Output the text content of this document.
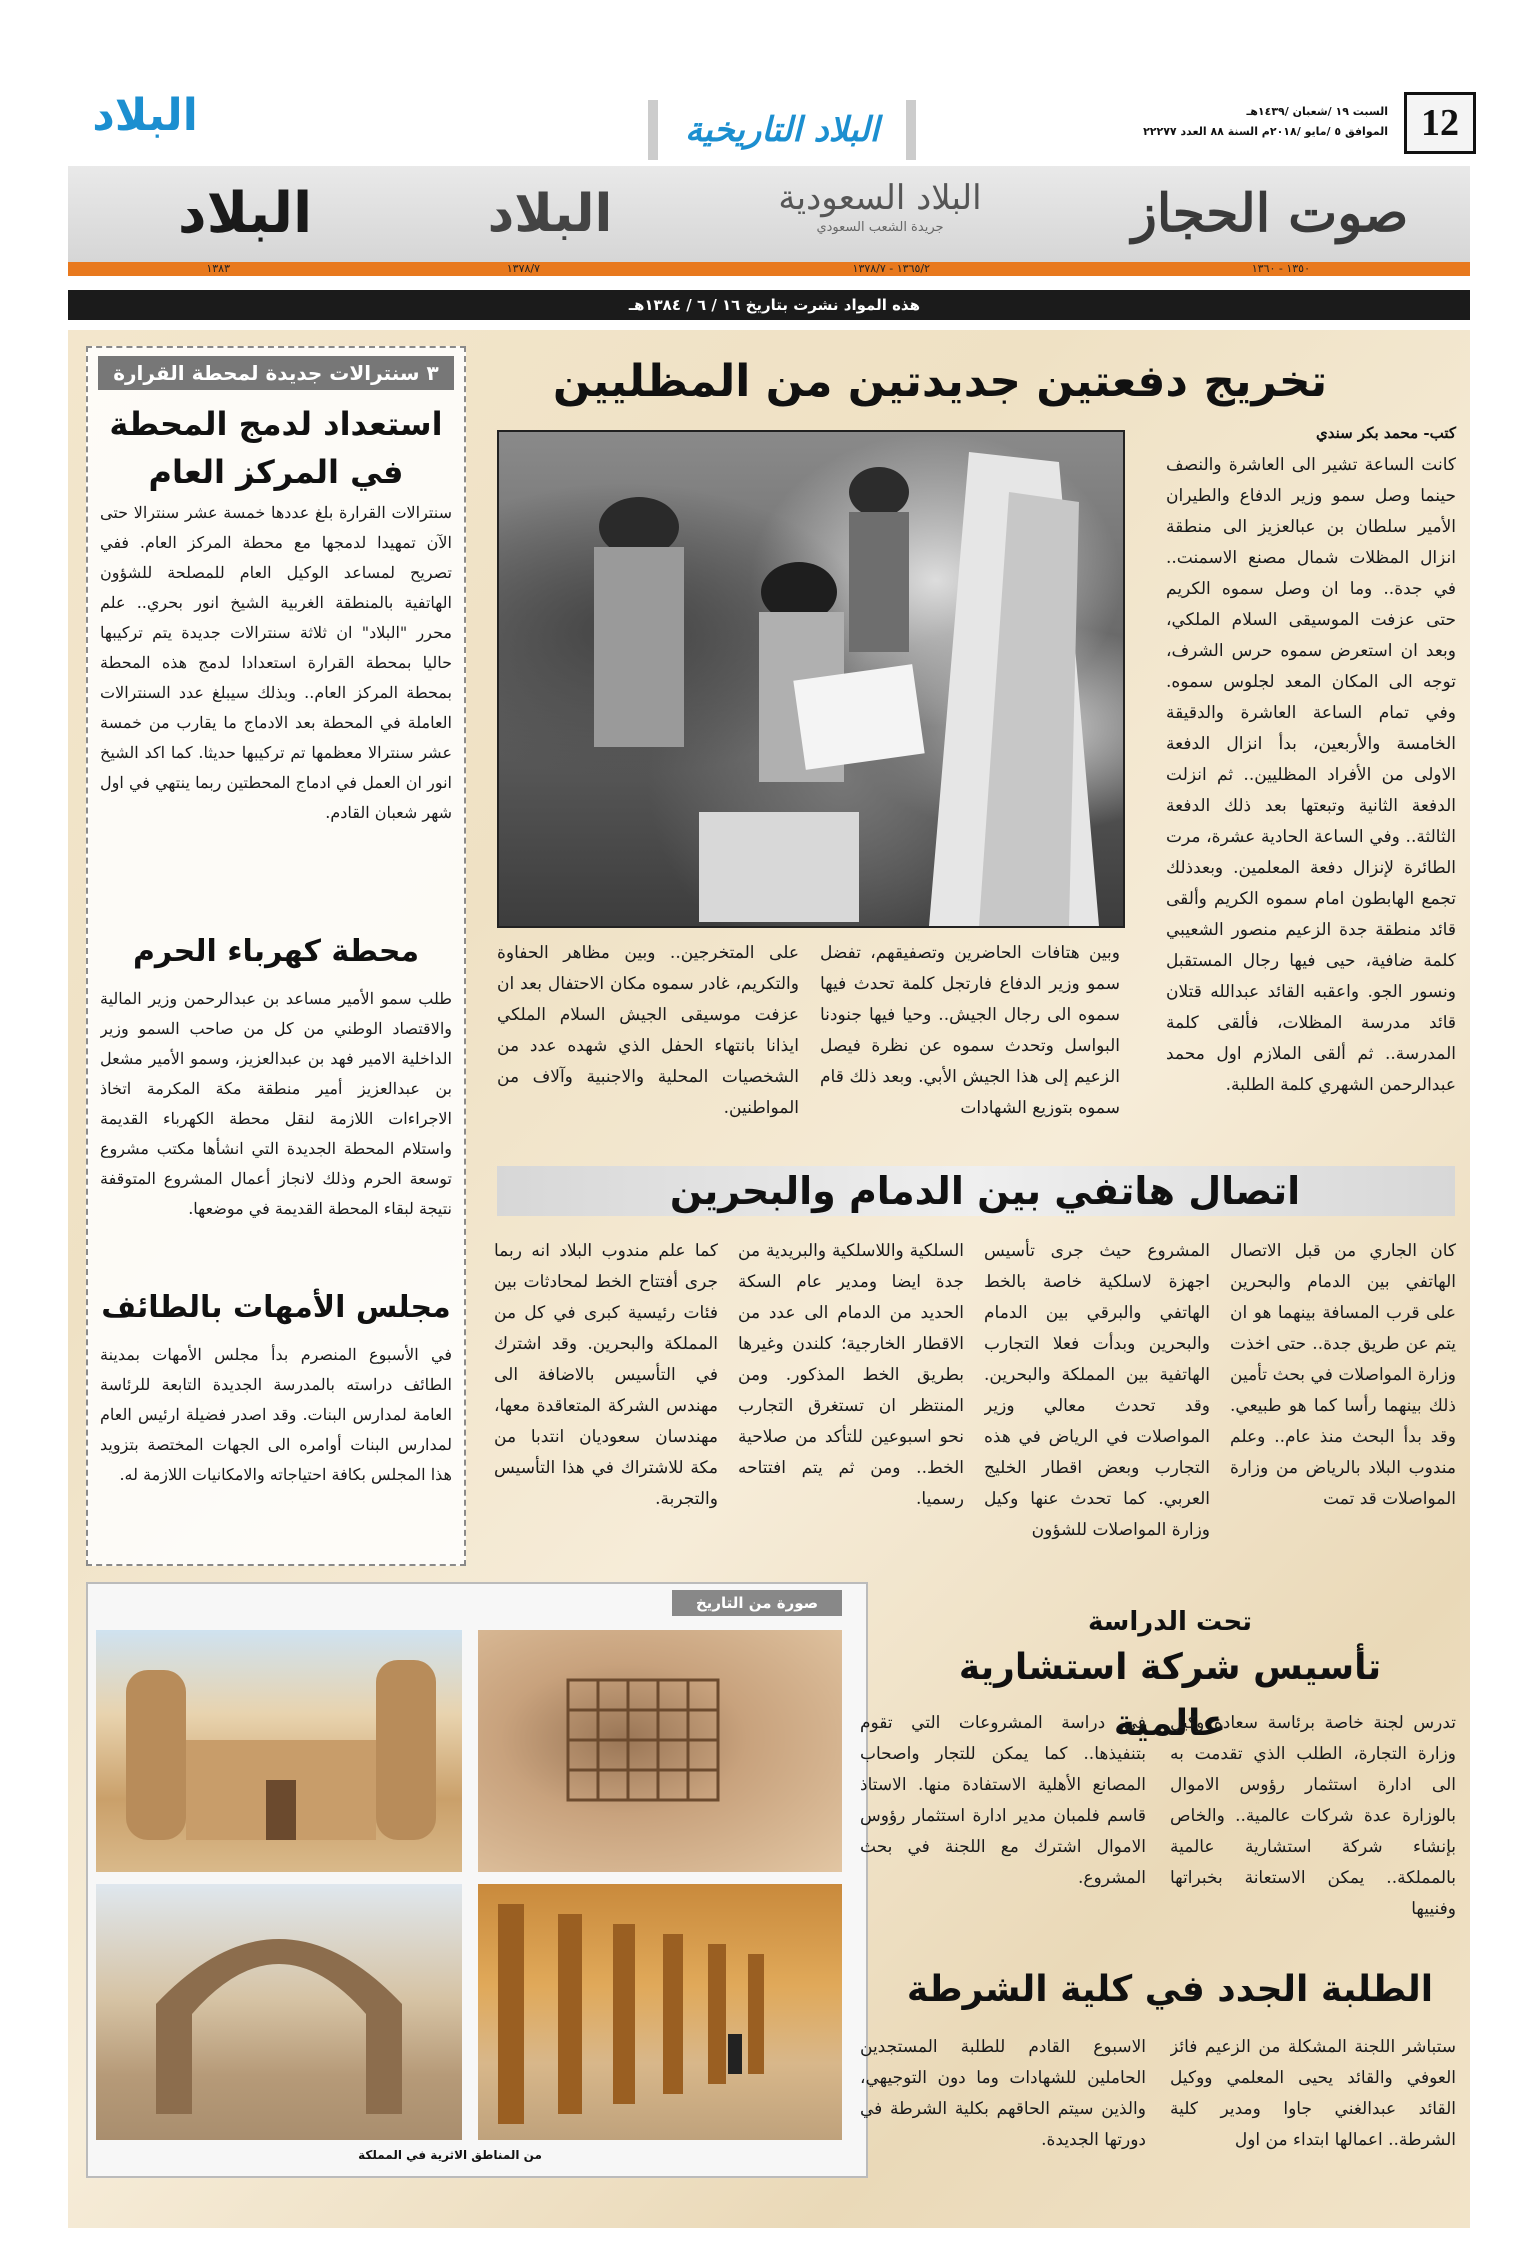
12
السبت ١٩ /شعبان /١٤٣٩هـ
الموافق ٥ /مايو /٢٠١٨م السنة ٨٨ العدد ٢٢٢٧٧
البلاد التاريخية
البلاد
صوت الحجاز
البلاد السعودية
جريدة الشعب السعودي
البلاد
البلاد
١٣٥٠ - ١٣٦٠
١٣٦٥/٢ - ١٣٧٨/٧
١٣٧٨/٧
١٣٨٣
هذه المواد نشرت بتاريخ ١٦ / ٦ / ١٣٨٤هـ
تخريج دفعتين جديدتين من المظليين
كتب- محمد بكر سندي
كانت الساعة تشير الى العاشرة والنصف حينما وصل سمو وزير الدفاع والطيران الأمير سلطان بن عبالعزيز الى منطقة انزال المظلات شمال مصنع الاسمنت.. في جدة.. وما ان وصل سموه الكريم حتى عزفت الموسيقى السلام الملكي، وبعد ان استعرض سموه حرس الشرف، توجه الى المكان المعد لجلوس سموه. وفي تمام الساعة العاشرة والدقيقة الخامسة والأربعين، بدأ انزال الدفعة الاولى من الأفراد المظليين.. ثم انزلت الدفعة الثانية وتبعتها بعد ذلك الدفعة الثالثة.. وفي الساعة الحادية عشرة، مرت الطائرة لإنزال دفعة المعلمين. وبعدذلك تجمع الهابطون امام سموه الكريم وألقى قائد منطقة جدة الزعيم منصور الشعيبي كلمة ضافية، حيى فيها رجال المستقبل ونسور الجو. واعقبه القائد عبدالله قتلان قائد مدرسة المظلات، فألقى كلمة المدرسة.. ثم ألقى الملازم اول محمد عبدالرحمن الشهري كلمة الطلبة.
وبين هتافات الحاضرين وتصفيقهم، تفضل سمو وزير الدفاع فارتجل كلمة تحدث فيها سموه الى رجال الجيش.. وحيا فيها جنودنا البواسل وتحدث سموه عن نظرة فيصل الزعيم إلى هذا الجيش الأبي. وبعد ذلك قام سموه بتوزيع الشهادات
على المتخرجين.. وبين مظاهر الحفاوة والتكريم، غادر سموه مكان الاحتفال بعد ان عزفت موسيقى الجيش السلام الملكي ايذانا بانتهاء الحفل الذي شهده عدد من الشخصيات المحلية والاجنبية وآلاف من المواطنين.
اتصال هاتفي بين الدمام والبحرين
كان الجاري من قبل الاتصال الهاتفي بين الدمام والبحرين على قرب المسافة بينهما هو ان يتم عن طريق جدة.. حتى اخذت وزارة المواصلات في بحث تأمين ذلك بينهما رأسا كما هو طبيعي. وقد بدأ البحث منذ عام.. وعلم مندوب البلاد بالرياض من وزارة المواصلات قد تمت
المشروع حيث جرى تأسيس اجهزة لاسلكية خاصة بالخط الهاتفي والبرقي بين الدمام والبحرين وبدأت فعلا التجارب الهاتفية بين المملكة والبحرين. وقد تحدث معالي وزير المواصلات في الرياض في هذه التجارب وبعض اقطار الخليج العربي. كما تحدث عنها وكيل وزارة المواصلات للشؤون
السلكية واللاسلكية والبريدية من جدة ايضا ومدير عام السكة الحديد من الدمام الى عدد من الاقطار الخارجية؛ كلندن وغيرها بطريق الخط المذكور. ومن المنتظر ان تستغرق التجارب نحو اسبوعين للتأكد من صلاحية الخط.. ومن ثم يتم افتتاحه رسميا.
كما علم مندوب البلاد انه ربما جرى أفتتاح الخط لمحادثات بين فئات رئيسية كبرى في كل من المملكة والبحرين. وقد اشترك في التأسيس بالاضافة الى مهندس الشركة المتعاقدة معها، مهندسان سعوديان انتدبا من مكة للاشتراك في هذا التأسيس والتجربة.
٣ سنترالات جديدة لمحطة القرارة
استعداد لدمج المحطة في المركز العام
سنترالات القرارة بلغ عددها خمسة عشر سنترالا حتى الآن تمهيدا لدمجها مع محطة المركز العام. ففي تصريح لمساعد الوكيل العام للمصلحة للشؤون الهاتفية بالمنطقة الغربية الشيخ انور بحري.. علم محرر "البلاد" ان ثلاثة سنترالات جديدة يتم تركيبها حاليا بمحطة القرارة استعدادا لدمج هذه المحطة بمحطة المركز العام.. وبذلك سيبلغ عدد السنترالات العاملة في المحطة بعد الادماج ما يقارب من خمسة عشر سنترالا معظمها تم تركيبها حديثا. كما اكد الشيخ انور ان العمل في ادماج المحطتين ربما ينتهي في اول شهر شعبان القادم.
محطة كهرباء الحرم
طلب سمو الأمير مساعد بن عبدالرحمن وزير المالية والاقتصاد الوطني من كل من صاحب السمو وزير الداخلية الامير فهد بن عبدالعزيز، وسمو الأمير مشعل بن عبدالعزيز أمير منطقة مكة المكرمة اتخاذ الاجراءات اللازمة لنقل محطة الكهرباء القديمة واستلام المحطة الجديدة التي انشأها مكتب مشروع توسعة الحرم وذلك لانجاز أعمال المشروع المتوقفة نتيجة لبقاء المحطة القديمة في موضعها.
مجلس الأمهات بالطائف
في الأسبوع المنصرم بدأ مجلس الأمهات بمدينة الطائف دراسته بالمدرسة الجديدة التابعة للرئاسة العامة لمدارس البنات. وقد اصدر فضيلة ارئيس العام لمدارس البنات أوامره الى الجهات المختصة بتزويد هذا المجلس بكافة احتياجاته والامكانيات اللازمة له.
صورة من التاريخ
من المناطق الاثرية في المملكة
تحت الدراسة
تأسيس شركة استشارية عالمية
تدرس لجنة خاصة برئاسة سعادة وكيل وزارة التجارة، الطلب الذي تقدمت به الى ادارة استثمار رؤوس الاموال بالوزارة عدة شركات عالمية.. والخاص بإنشاء شركة استشارية عالمية بالمملكة.. يمكن الاستعانة بخبراتها وفنييها
في دراسة المشروعات التي تقوم بتنفيذها.. كما يمكن للتجار واصحاب المصانع الأهلية الاستفادة منها. الاستاذ قاسم فلمبان مدير ادارة استثمار رؤوس الاموال اشترك مع اللجنة في بحث المشروع.
الطلبة الجدد في كلية الشرطة
ستباشر اللجنة المشكلة من الزعيم فائز العوفي والقائد يحيى المعلمي ووكيل القائد عبدالغني جاوا ومدير كلية الشرطة.. اعمالها ابتداء من اول
الاسبوع القادم للطلبة المستجدين الحاملين للشهادات وما دون التوجيهي، والذين سيتم الحاقهم بكلية الشرطة في دورتها الجديدة.
